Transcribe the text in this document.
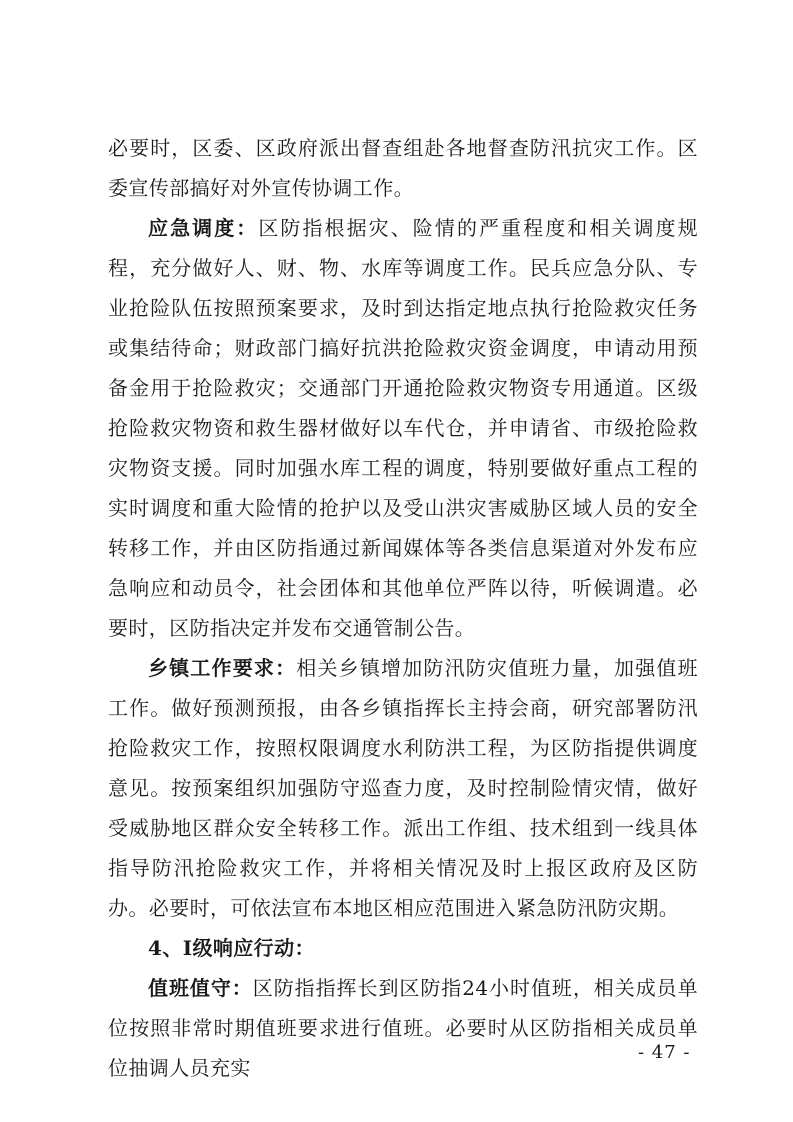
必要时，区委、区政府派出督查组赴各地督查防汛抗灾工作。区委宣传部搞好对外宣传协调工作。

应急调度：区防指根据灾、险情的严重程度和相关调度规程，充分做好人、财、物、水库等调度工作。民兵应急分队、专业抢险队伍按照预案要求，及时到达指定地点执行抢险救灾任务或集结待命；财政部门搞好抗洪抢险救灾资金调度，申请动用预备金用于抢险救灾；交通部门开通抢险救灾物资专用通道。区级抢险救灾物资和救生器材做好以车代仓，并申请省、市级抢险救灾物资支援。同时加强水库工程的调度，特别要做好重点工程的实时调度和重大险情的抢护以及受山洪灾害威胁区域人员的安全转移工作，并由区防指通过新闻媒体等各类信息渠道对外发布应急响应和动员令，社会团体和其他单位严阵以待，听候调遣。必要时，区防指决定并发布交通管制公告。

乡镇工作要求：相关乡镇增加防汛防灾值班力量，加强值班工作。做好预测预报，由各乡镇指挥长主持会商，研究部署防汛抢险救灾工作，按照权限调度水利防洪工程，为区防指提供调度意见。按预案组织加强防守巡查力度，及时控制险情灾情，做好受威胁地区群众安全转移工作。派出工作组、技术组到一线具体指导防汛抢险救灾工作，并将相关情况及时上报区政府及区防办。必要时，可依法宣布本地区相应范围进入紧急防汛防灾期。

4、I级响应行动：

值班值守：区防指指挥长到区防指24小时值班，相关成员单位按照非常时期值班要求进行值班。必要时从区防指相关成员单位抽调人员充实

- 47 -
